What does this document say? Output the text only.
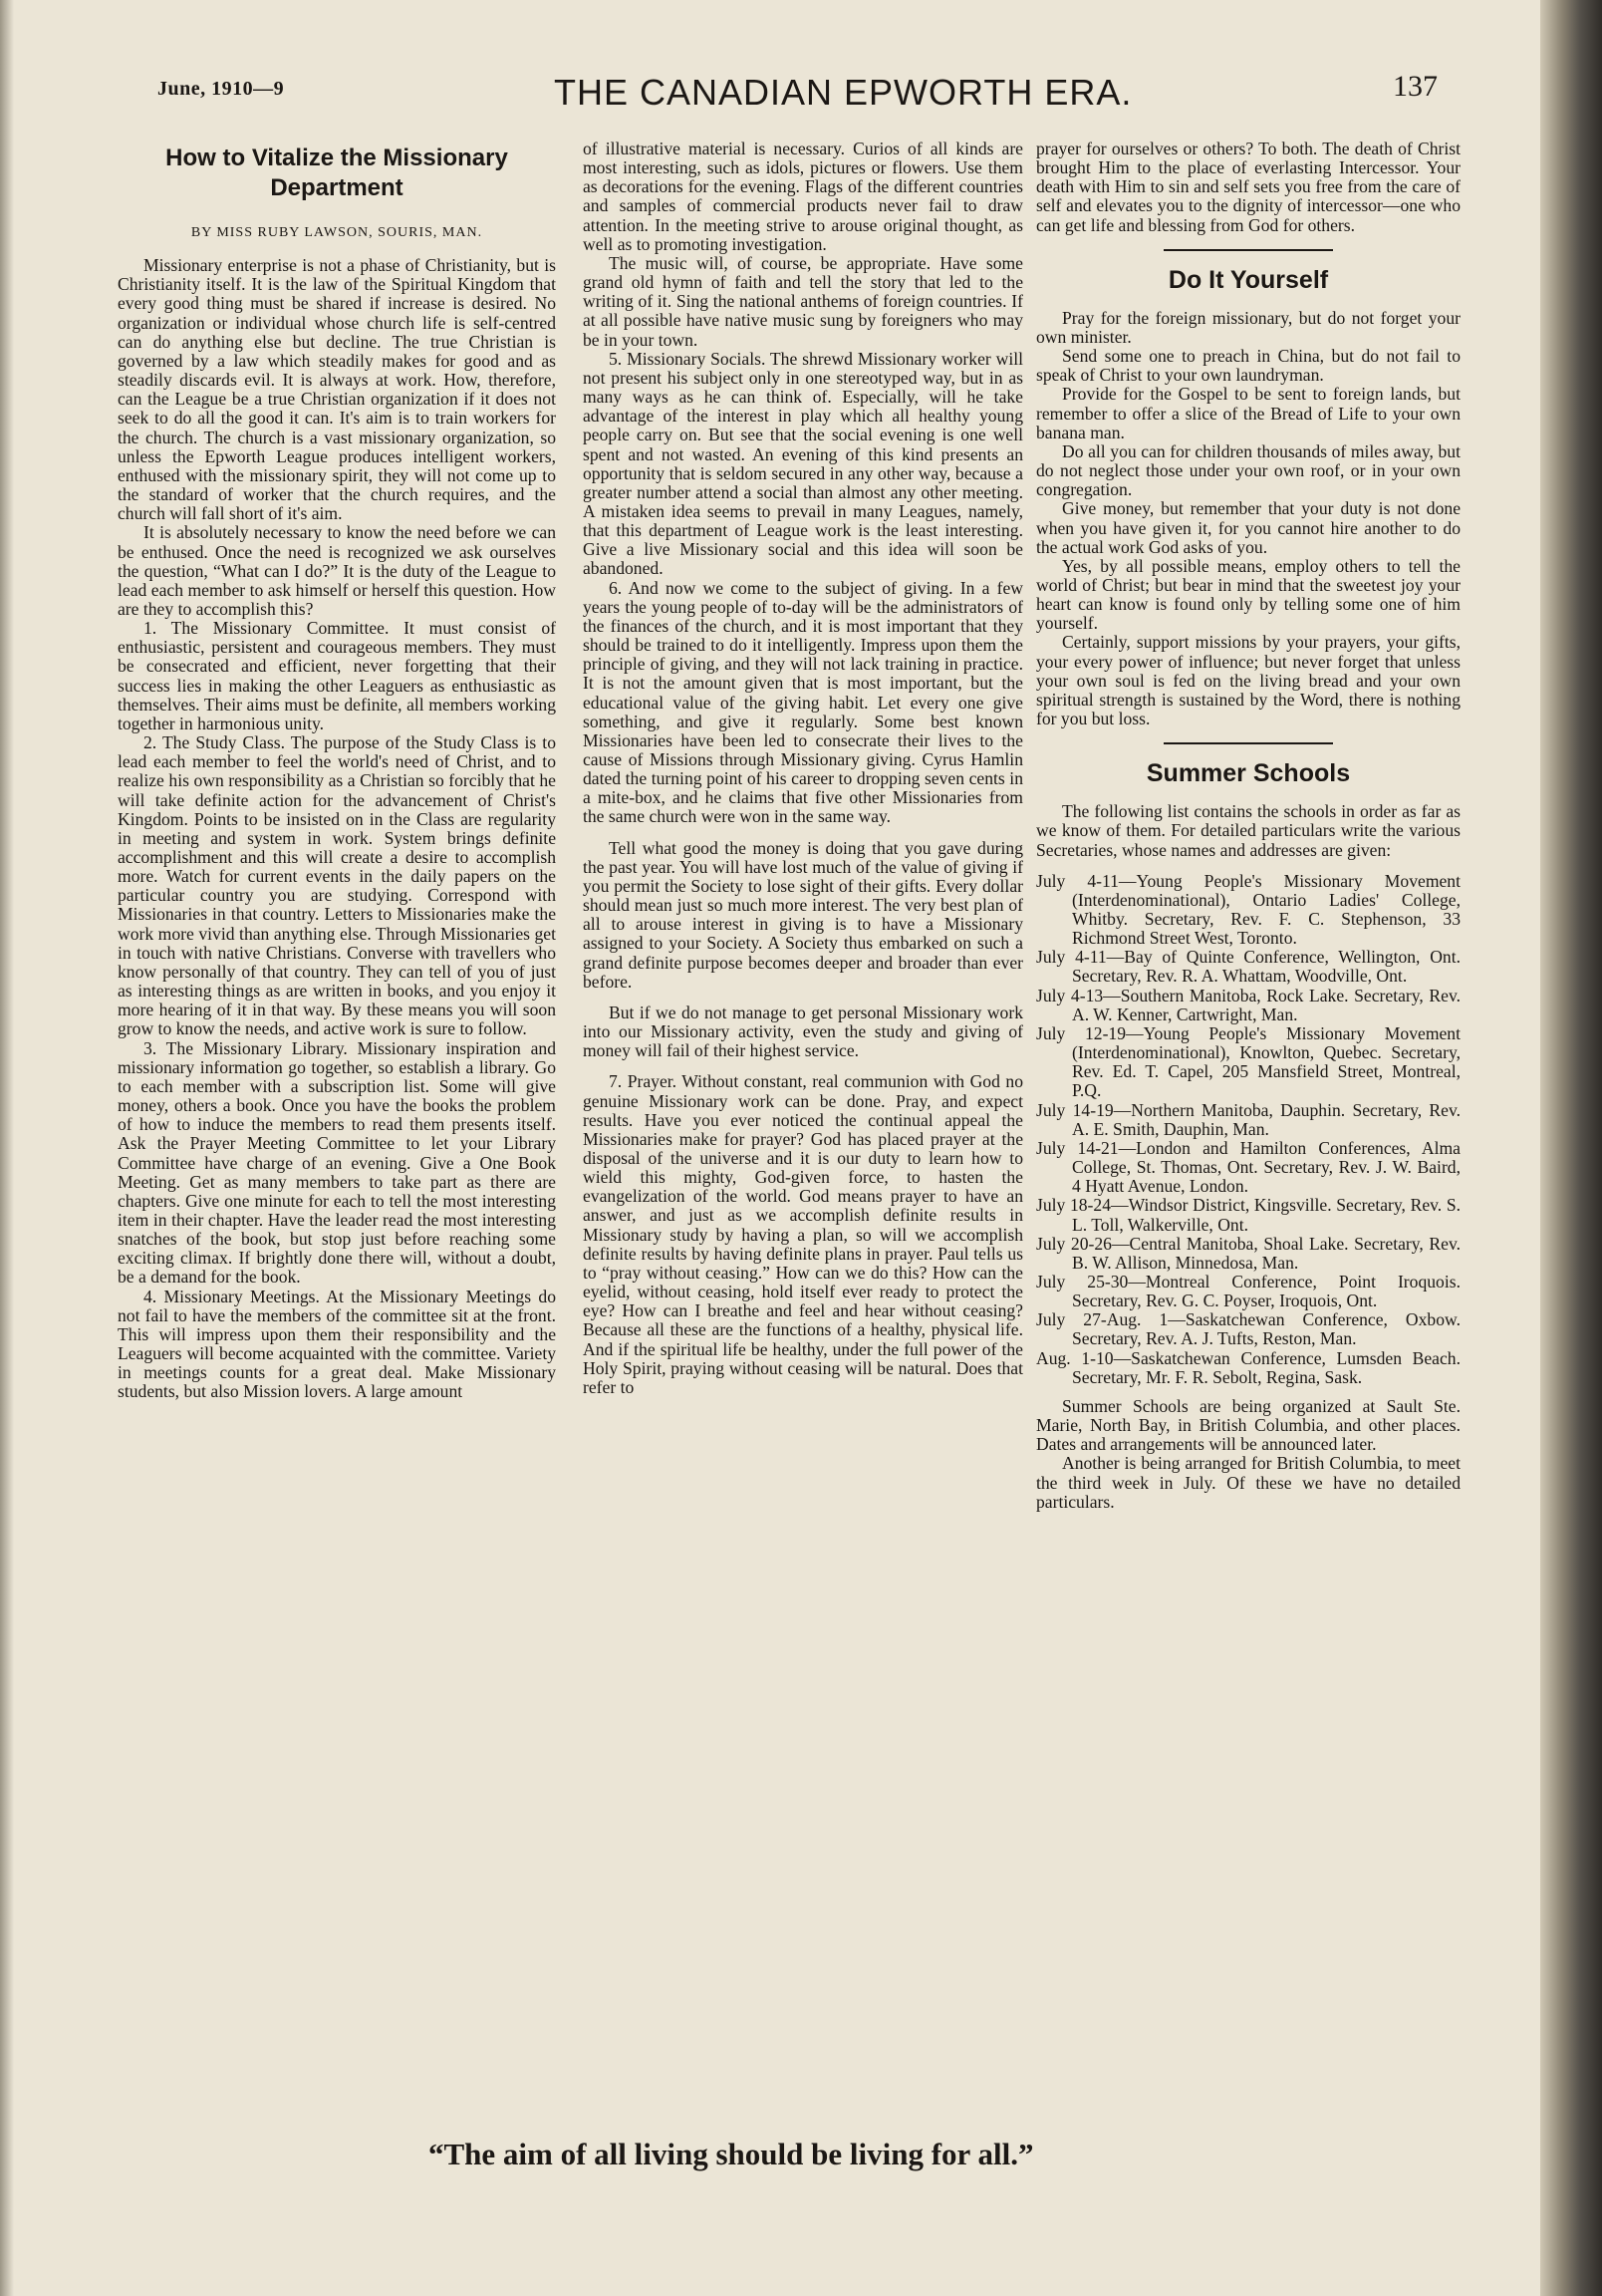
June, 1910—9	THE CANADIAN EPWORTH ERA.	137
How to Vitalize the Missionary Department
BY MISS RUBY LAWSON, SOURIS, MAN.

Missionary enterprise is not a phase of Christianity, but is Christianity itself. It is the law of the Spiritual Kingdom that every good thing must be shared if increase is desired. No organization or individual whose church life is self-centred can do anything else but decline. The true Christian is governed by a law which steadily makes for good and as steadily discards evil. It is always at work. How, therefore, can the League be a true Christian organization if it does not seek to do all the good it can. It's aim is to train workers for the church. The church is a vast missionary organization, so unless the Epworth League produces intelligent workers, enthused with the missionary spirit, they will not come up to the standard of worker that the church requires, and the church will fall short of it's aim.

It is absolutely necessary to know the need before we can be enthused. Once the need is recognized we ask ourselves the question, “What can I do?” It is the duty of the League to lead each member to ask himself or herself this question. How are they to accomplish this?

1. The Missionary Committee. It must consist of enthusiastic, persistent and courageous members. They must be consecrated and efficient, never forgetting that their success lies in making the other Leaguers as enthusiastic as themselves. Their aims must be definite, all members working together in harmonious unity.

2. The Study Class. The purpose of the Study Class is to lead each member to feel the world's need of Christ, and to realize his own responsibility as a Christian so forcibly that he will take definite action for the advancement of Christ's Kingdom. Points to be insisted on in the Class are regularity in meeting and system in work. System brings definite accomplishment and this will create a desire to accomplish more. Watch for current events in the daily papers on the particular country you are studying. Correspond with Missionaries in that country. Letters to Missionaries make the work more vivid than anything else. Through Missionaries get in touch with native Christians. Converse with travellers who know personally of that country. They can tell of you of just as interesting things as are written in books, and you enjoy it more hearing of it in that way. By these means you will soon grow to know the needs, and active work is sure to follow.

3. The Missionary Library. Missionary inspiration and missionary information go together, so establish a library. Go to each member with a subscription list. Some will give money, others a book. Once you have the books the problem of how to induce the members to read them presents itself. Ask the Prayer Meeting Committee to let your Library Committee have charge of an evening. Give a One Book Meeting. Get as many members to take part as there are chapters. Give one minute for each to tell the most interesting item in their chapter. Have the leader read the most interesting snatches of the book, but stop just before reaching some exciting climax. If brightly done there will, without a doubt, be a demand for the book.

4. Missionary Meetings. At the Missionary Meetings do not fail to have the members of the committee sit at the front. This will impress upon them their responsibility and the Leaguers will become acquainted with the committee. Variety in meetings counts for a great deal. Make Missionary students, but also Mission lovers. A large amount

of illustrative material is necessary. Curios of all kinds are most interesting, such as idols, pictures or flowers. Use them as decorations for the evening. Flags of the different countries and samples of commercial products never fail to draw attention. In the meeting strive to arouse original thought, as well as to promoting investigation.

The music will, of course, be appropriate. Have some grand old hymn of faith and tell the story that led to the writing of it. Sing the national anthems of foreign countries. If at all possible have native music sung by foreigners who may be in your town.

5. Missionary Socials. The shrewd Missionary worker will not present his subject only in one stereotyped way, but in as many ways as he can think of. Especially, will he take advantage of the interest in play which all healthy young people carry on. But see that the social evening is one well spent and not wasted. An evening of this kind presents an opportunity that is seldom secured in any other way, because a greater number attend a social than almost any other meeting. A mistaken idea seems to prevail in many Leagues, namely, that this department of League work is the least interesting. Give a live Missionary social and this idea will soon be abandoned.

6. And now we come to the subject of giving. In a few years the young people of to-day will be the administrators of the finances of the church, and it is most important that they should be trained to do it intelligently. Impress upon them the principle of giving, and they will not lack training in practice. It is not the amount given that is most important, but the educational value of the giving habit. Let every one give something, and give it regularly. Some best known Missionaries have been led to consecrate their lives to the cause of Missions through Missionary giving. Cyrus Hamlin dated the turning point of his career to dropping seven cents in a mite-box, and he claims that five other Missionaries from the same church were won in the same way.

Tell what good the money is doing that you gave during the past year. You will have lost much of the value of giving if you permit the Society to lose sight of their gifts. Every dollar should mean just so much more interest. The very best plan of all to arouse interest in giving is to have a Missionary assigned to your Society. A Society thus embarked on such a grand definite purpose becomes deeper and broader than ever before.

But if we do not manage to get personal Missionary work into our Missionary activity, even the study and giving of money will fail of their highest service.

7. Prayer. Without constant, real communion with God no genuine Missionary work can be done. Pray, and expect results. Have you ever noticed the continual appeal the Missionaries make for prayer? God has placed prayer at the disposal of the universe and it is our duty to learn how to wield this mighty, God-given force, to hasten the evangelization of the world. God means prayer to have an answer, and just as we accomplish definite results in Missionary study by having a plan, so will we accomplish definite results by having definite plans in prayer. Paul tells us to “pray without ceasing.” How can we do this? How can the eyelid, without ceasing, hold itself ever ready to protect the eye? How can I breathe and feel and hear without ceasing? Because all these are the functions of a healthy, physical life. And if the spiritual life be healthy, under the full power of the Holy Spirit, praying without ceasing will be natural. Does that refer to

prayer for ourselves or others? To both. The death of Christ brought Him to the place of everlasting Intercessor. Your death with Him to sin and self sets you free from the care of self and elevates you to the dignity of intercessor—one who can get life and blessing from God for others.

Do It Yourself

Pray for the foreign missionary, but do not forget your own minister.

Send some one to preach in China, but do not fail to speak of Christ to your own laundryman.

Provide for the Gospel to be sent to foreign lands, but remember to offer a slice of the Bread of Life to your own banana man.

Do all you can for children thousands of miles away, but do not neglect those under your own roof, or in your own congregation.

Give money, but remember that your duty is not done when you have given it, for you cannot hire another to do the actual work God asks of you.

Yes, by all possible means, employ others to tell the world of Christ; but bear in mind that the sweetest joy your heart can know is found only by telling some one of him yourself.

Certainly, support missions by your prayers, your gifts, your every power of influence; but never forget that unless your own soul is fed on the living bread and your own spiritual strength is sustained by the Word, there is nothing for you but loss.

Summer Schools

The following list contains the schools in order as far as we know of them. For detailed particulars write the various Secretaries, whose names and addresses are given:

July 4-11—Young People's Missionary Movement (Interdenominational), Ontario Ladies' College, Whitby. Secretary, Rev. F. C. Stephenson, 33 Richmond Street West, Toronto.
July 4-11—Bay of Quinte Conference, Wellington, Ont. Secretary, Rev. R. A. Whattam, Woodville, Ont.
July 4-13—Southern Manitoba, Rock Lake. Secretary, Rev. A. W. Kenner, Cartwright, Man.
July 12-19—Young People's Missionary Movement (Interdenominational), Knowlton, Quebec. Secretary, Rev. Ed. T. Capel, 205 Mansfield Street, Montreal, P.Q.
July 14-19—Northern Manitoba, Dauphin. Secretary, Rev. A. E. Smith, Dauphin, Man.
July 14-21—London and Hamilton Conferences, Alma College, St. Thomas, Ont. Secretary, Rev. J. W. Baird, 4 Hyatt Avenue, London.
July 18-24—Windsor District, Kingsville. Secretary, Rev. S. L. Toll, Walkerville, Ont.
July 20-26—Central Manitoba, Shoal Lake. Secretary, Rev. B. W. Allison, Minnedosa, Man.
July 25-30—Montreal Conference, Point Iroquois. Secretary, Rev. G. C. Poyser, Iroquois, Ont.
July 27-Aug. 1—Saskatchewan Conference, Oxbow. Secretary, Rev. A. J. Tufts, Reston, Man.
Aug. 1-10—Saskatchewan Conference, Lumsden Beach. Secretary, Mr. F. R. Sebolt, Regina, Sask.

Summer Schools are being organized at Sault Ste. Marie, North Bay, in British Columbia, and other places. Dates and arrangements will be announced later.

Another is being arranged for British Columbia, to meet the third week in July. Of these we have no detailed particulars.

“The aim of all living should be living for all.”
